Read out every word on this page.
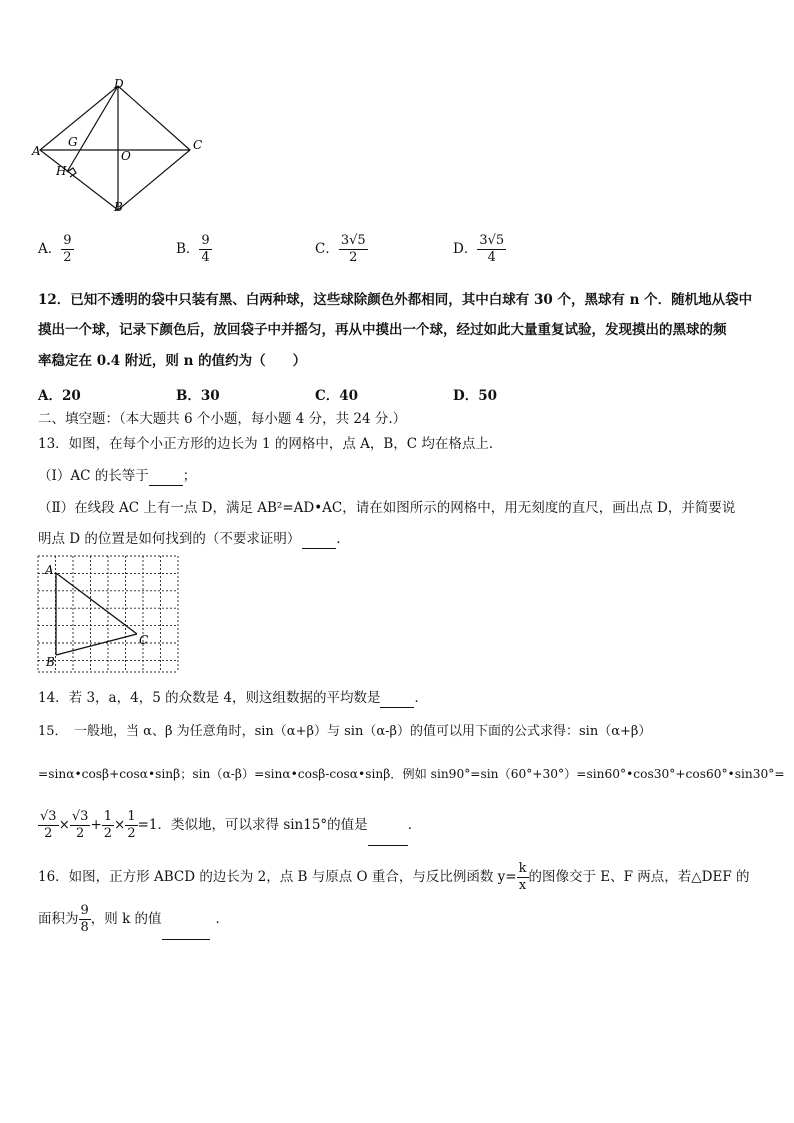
D
A
G
O
C
H
B
A． $\frac{9}{2}$	B． $\frac{9}{4}$	C． $\frac{3√5}{2}$	D． $\frac{3√5}{4}$
12．已知不透明的袋中只装有黑、白两种球，这些球除颜色外都相同，其中白球有 30 个，黑球有 n 个．随机地从袋中
摸出一个球，记录下颜色后，放回袋子中并摇匀，再从中摸出一个球，经过如此大量重复试验，发现摸出的黑球的频
率稳定在 0.4 附近，则 n 的值约为（　　）
A．20	B．30	C．40	D．50
二、填空题：（本大题共 6 个小题，每小题 4 分，共 24 分.）
13．如图，在每个小正方形的边长为 1 的网格中，点 A，B，C 均在格点上．
（Ⅰ）AC 的长等于	；
（Ⅱ）在线段 AC 上有一点 D，满足 AB²=AD•AC，请在如图所示的网格中，用无刻度的直尺，画出点 D，并简要说
明点 D 的位置是如何找到的（不要求证明）	．
A
B
C
14．若 3，a，4，5 的众数是 4，则这组数据的平均数是	．
15．　一般地，当 α、β 为任意角时，sin（α+β）与 sin（α-β）的值可以用下面的公式求得：sin（α+β）
=sinα•cosβ+cosα•sinβ；sin（α-β）=sinα•cosβ-cosα•sinβ．例如 sin90°=sin（60°+30°）=sin60°•cos30°+cos60°•sin30°=
$\frac{√3}{2} \times \frac{√3}{2} + \frac{1}{2} \times \frac{1}{2} =1$．类似地，可以求得 sin15°的值是	．
16．如图，正方形 ABCD 的边长为 2，点 B 与原点 O 重合，与反比例函数 $y= \frac{k}{x}$ 的图像交于 E、F 两点，若△DEF 的
面积为 $\frac{9}{8}$ ，则 k 的值	．
